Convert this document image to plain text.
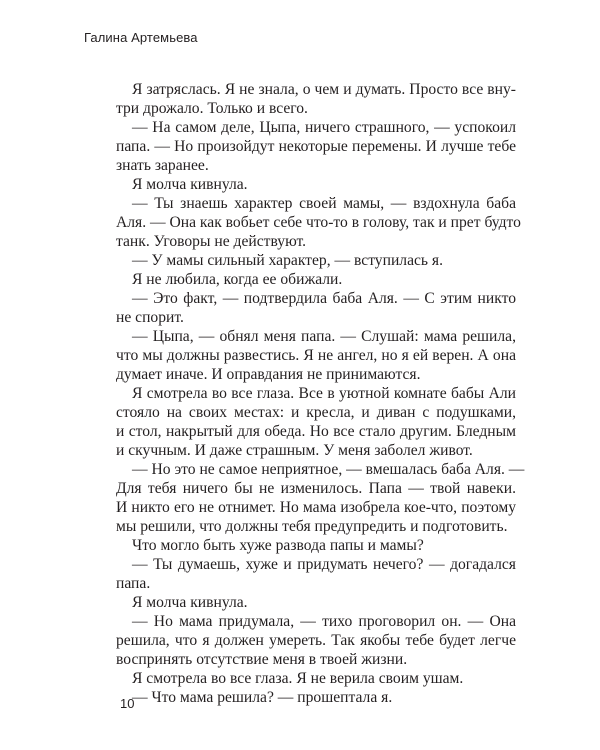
Галина Артемьева
Я затряслась. Я не знала, о чем и думать. Просто все вну-
три дрожало. Только и всего.
— На самом деле, Цыпа, ничего страшного, — успокоил
папа. — Но произойдут некоторые перемены. И лучше тебе
знать заранее.
Я молча кивнула.
— Ты знаешь характер своей мамы, — вздохнула баба
Аля. — Она как вобьет себе что-то в голову, так и прет будто
танк. Уговоры не действуют.
— У мамы сильный характер, — вступилась я.
Я не любила, когда ее обижали.
— Это факт, — подтвердила баба Аля. — С этим никто
не спорит.
— Цыпа, — обнял меня папа. — Слушай: мама решила,
что мы должны развестись. Я не ангел, но я ей верен. А она
думает иначе. И оправдания не принимаются.
Я смотрела во все глаза. Все в уютной комнате бабы Али
стояло на своих местах: и кресла, и диван с подушками,
и стол, накрытый для обеда. Но все стало другим. Бледным
и скучным. И даже страшным. У меня заболел живот.
— Но это не самое неприятное, — вмешалась баба Аля. —
Для тебя ничего бы не изменилось. Папа — твой навеки.
И никто его не отнимет. Но мама изобрела кое-что, поэтому
мы решили, что должны тебя предупредить и подготовить.
Что могло быть хуже развода папы и мамы?
— Ты думаешь, хуже и придумать нечего? — догадался
папа.
Я молча кивнула.
— Но мама придумала, — тихо проговорил он. — Она
решила, что я должен умереть. Так якобы тебе будет легче
воспринять отсутствие меня в твоей жизни.
Я смотрела во все глаза. Я не верила своим ушам.
— Что мама решила? — прошептала я.
10
